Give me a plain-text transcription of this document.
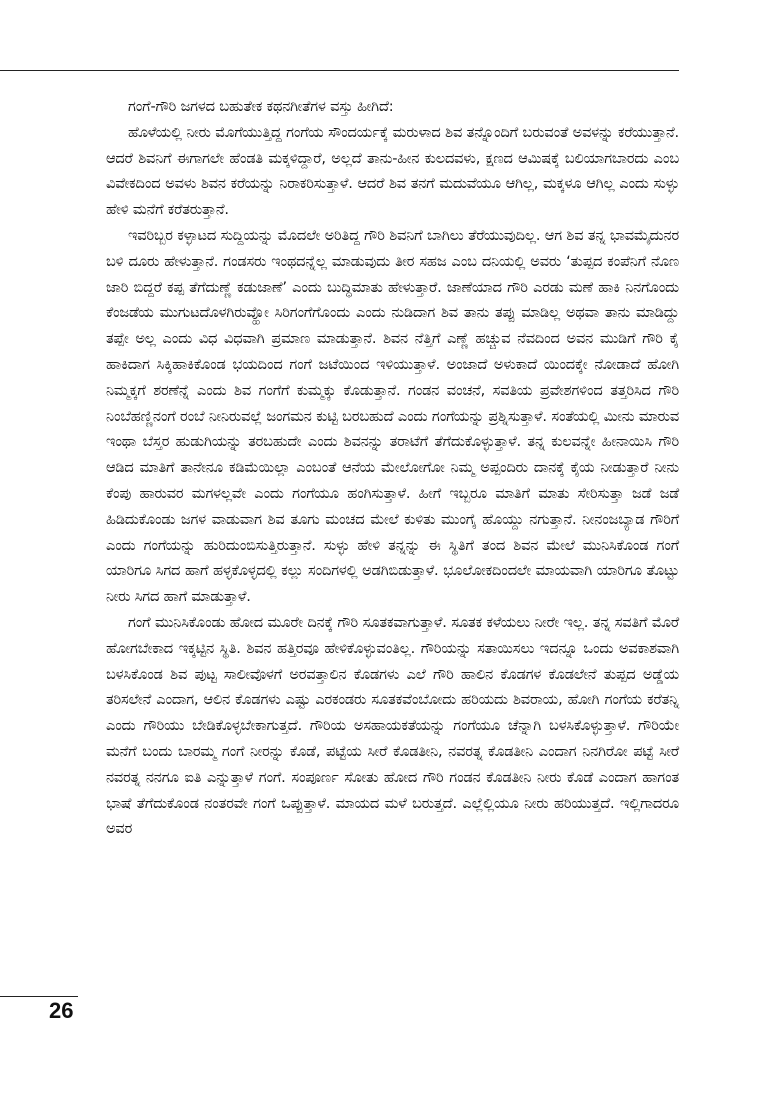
ಗಂಗೆ-ಗೌರಿ ಜಗಳದ ಬಹುತೇಕ ಕಥನಗೀತೆಗಳ ವಸ್ತು ಹೀಗಿದೆ:

ಹೊಳೆಯಲ್ಲಿ ನೀರು ಮೊಗೆಯುತ್ತಿದ್ದ ಗಂಗೆಯ ಸೌಂದರ್ಯಕ್ಕೆ ಮರುಳಾದ ಶಿವ ತನ್ನೊಂದಿಗೆ ಬರುವಂತೆ ಅವಳನ್ನು ಕರೆಯುತ್ತಾನೆ. ಆದರೆ ಶಿವನಿಗೆ ಈಗಾಗಲೇ ಹೆಂಡತಿ ಮಕ್ಕಳಿದ್ದಾರೆ, ಅಲ್ಲದೆ ತಾನು-ಹೀನ ಕುಲದವಳು, ಕ್ಷಣದ ಆಮಿಷಕ್ಕೆ ಬಲಿಯಾಗಬಾರದು ಎಂಬ ವಿವೇಕದಿಂದ ಅವಳು ಶಿವನ ಕರೆಯನ್ನು ನಿರಾಕರಿಸುತ್ತಾಳೆ. ಆದರೆ ಶಿವ ತನಗೆ ಮದುವೆಯೂ ಆಗಿಲ್ಲ, ಮಕ್ಕಳೂ ಆಗಿಲ್ಲ ಎಂದು ಸುಳ್ಳು ಹೇಳಿ ಮನೆಗೆ ಕರೆತರುತ್ತಾನೆ.

ಇವರಿಬ್ಬರ ಕಳ್ಳಾಟದ ಸುದ್ದಿಯನ್ನು ಮೊದಲೇ ಅರಿತಿದ್ದ ಗೌರಿ ಶಿವನಿಗೆ ಬಾಗಿಲು ತೆರೆಯುವುದಿಲ್ಲ. ಆಗ ಶಿವ ತನ್ನ ಭಾವಮೈದುನರ ಬಳಿ ದೂರು ಹೇಳುತ್ತಾನೆ. ಗಂಡಸರು ಇಂಥದನ್ನೆಲ್ಲ ಮಾಡುವುದು ತೀರ ಸಹಜ ಎಂಬ ದನಿಯಲ್ಲಿ ಅವರು ‘ತುಪ್ಪದ ಕಂಪೆನಿಗೆ ನೊಣ ಜಾರಿ ಬಿದ್ದರೆ ಕಪ್ಪ ತೆಗೆದುಣ್ಣೆ ಕಡುಜಾಣೆ’ ಎಂದು ಬುದ್ಧಿಮಾತು ಹೇಳುತ್ತಾರೆ. ಜಾಣೆಯಾದ ಗೌರಿ ಎರಡು ಮಣೆ ಹಾಕಿ ನಿನಗೊಂದು ಕೆಂಜಡೆಯ ಮುಗುಟದೊಳಗಿರುವ್ಹೋ ಸಿರಿಗಂಗೆಗೊಂದು ಎಂದು ನುಡಿದಾಗ ಶಿವ ತಾನು ತಪ್ಪು ಮಾಡಿಲ್ಲ ಅಥವಾ ತಾನು ಮಾಡಿದ್ದು ತಪ್ಪೇ ಅಲ್ಲ ಎಂದು ವಿಧ ವಿಧವಾಗಿ ಪ್ರಮಾಣ ಮಾಡುತ್ತಾನೆ. ಶಿವನ ನೆತ್ತಿಗೆ ಎಣ್ಣೆ ಹಚ್ಚುವ ನೆವದಿಂದ ಅವನ ಮುಡಿಗೆ ಗೌರಿ ಕೈ ಹಾಕಿದಾಗ ಸಿಕ್ಕಿಹಾಕಿಕೊಂಡ ಭಯದಿಂದ ಗಂಗೆ ಜಟೆಯಿಂದ ಇಳಿಯುತ್ತಾಳೆ. ಅಂಜಾದೆ ಅಳುಕಾದೆ ಯಿಂದಕ್ಕೇ ನೋಡಾದೆ ಹೋಗಿ ನಿಮ್ಮಕ್ಕಗೆ ಶರಣೆನ್ನೆ ಎಂದು ಶಿವ ಗಂಗೆಗೆ ಕುಮ್ಮಕ್ಕು ಕೊಡುತ್ತಾನೆ. ಗಂಡನ ವಂಚನೆ, ಸವತಿಯ ಪ್ರವೇಶಗಳಿಂದ ತತ್ತರಿಸಿದ ಗೌರಿ ನಿಂಬೆಹಣ್ಣಿನಂಗೆ ರಂಬೆ ನೀನಿರುವಲ್ಲೆ ಜಂಗಮನ ಕುಟ್ಟಿ ಬರಬಹುದೆ ಎಂದು ಗಂಗೆಯನ್ನು ಪ್ರಶ್ನಿಸುತ್ತಾಳೆ. ಸಂತೆಯಲ್ಲಿ ಮೀನು ಮಾರುವ ಇಂಥಾ ಬೆಸ್ತರ ಹುಡುಗಿಯನ್ನು ತರಬಹುದೇ ಎಂದು ಶಿವನನ್ನು ತರಾಟೆಗೆ ತೆಗೆದುಕೊಳ್ಳುತ್ತಾಳೆ. ತನ್ನ ಕುಲವನ್ನೇ ಹೀನಾಯಿಸಿ ಗೌರಿ ಆಡಿದ ಮಾತಿಗೆ ತಾನೇನೂ ಕಡಿಮೆಯಿಲ್ಲಾ ಎಂಬಂತೆ ಆನೆಯ ಮೇಲೋಗೋ ನಿಮ್ಮ ಅಪ್ಪಂದಿರು ದಾನಕ್ಕೆ ಕೈಯ ನೀಡುತ್ತಾರೆ ನೀನು ಕೆಂಪು ಹಾರುವರ ಮಗಳಲ್ಲವೇ ಎಂದು ಗಂಗೆಯೂ ಹಂಗಿಸುತ್ತಾಳೆ. ಹೀಗೆ ಇಬ್ಬರೂ ಮಾತಿಗೆ ಮಾತು ಸೇರಿಸುತ್ತಾ ಜಡೆ ಜಡೆ ಹಿಡಿದುಕೊಂಡು ಜಗಳ ವಾಡುವಾಗ ಶಿವ ತೂಗು ಮಂಚದ ಮೇಲೆ ಕುಳಿತು ಮುಂಗೈ ಹೊಯ್ದು ನಗುತ್ತಾನೆ. ನೀನಂಜಬ್ಯಾಡ ಗೌರಿಗೆ ಎಂದು ಗಂಗೆಯನ್ನು ಹುರಿದುಂಬಿಸುತ್ತಿರುತ್ತಾನೆ. ಸುಳ್ಳು ಹೇಳಿ ತನ್ನನ್ನು ಈ ಸ್ಥಿತಿಗೆ ತಂದ ಶಿವನ ಮೇಲೆ ಮುನಿಸಿಕೊಂಡ ಗಂಗೆ ಯಾರಿಗೂ ಸಿಗದ ಹಾಗೆ ಹಳ್ಳಕೊಳ್ಳದಲ್ಲಿ ಕಲ್ಲು ಸಂದಿಗಳಲ್ಲಿ ಅಡಗಿಬಿಡುತ್ತಾಳೆ. ಭೂಲೋಕದಿಂದಲೇ ಮಾಯವಾಗಿ ಯಾರಿಗೂ ತೊಟ್ಟು ನೀರು ಸಿಗದ ಹಾಗೆ ಮಾಡುತ್ತಾಳೆ.

ಗಂಗೆ ಮುನಿಸಿಕೊಂಡು ಹೋದ ಮೂರೇ ದಿನಕ್ಕೆ ಗೌರಿ ಸೂತಕವಾಗುತ್ತಾಳೆ. ಸೂತಕ ಕಳೆಯಲು ನೀರೇ ಇಲ್ಲ. ತನ್ನ ಸವತಿಗೆ ಮೊರೆ ಹೋಗಬೇಕಾದ ಇಕ್ಕಟ್ಟಿನ ಸ್ಥಿತಿ. ಶಿವನ ಹತ್ತಿರವೂ ಹೇಳಿಕೊಳ್ಳುವಂತಿಲ್ಲ. ಗೌರಿಯನ್ನು ಸತಾಯಿಸಲು ಇದನ್ನೂ ಒಂದು ಅವಕಾಶವಾಗಿ ಬಳಸಿಕೊಂಡ ಶಿವ ಪುಟ್ಟ ಸಾಲೀವೊಳಗೆ ಅರವತ್ತಾಲಿನ ಕೊಡಗಳು ಎಲೆ ಗೌರಿ ಹಾಲಿನ ಕೊಡಗಳ ಕೊಡಲೇನೆ ತುಪ್ಪದ ಅಡ್ಡೆಯ ತರಿಸಲೇನೆ ಎಂದಾಗ, ಆಲಿನ ಕೊಡಗಳು ಎಷ್ಟು ಎರಕಂಡರು ಸೂತಕವೆಂಬೋದು ಹರಿಯದು ಶಿವರಾಯ, ಹೋಗಿ ಗಂಗೆಯ ಕರೆತನ್ನಿ ಎಂದು ಗೌರಿಯು ಬೇಡಿಕೊಳ್ಳಬೇಕಾಗುತ್ತದೆ. ಗೌರಿಯ ಅಸಹಾಯಕತೆಯನ್ನು ಗಂಗೆಯೂ ಚೆನ್ನಾಗಿ ಬಳಸಿಕೊಳ್ಳುತ್ತಾಳೆ. ಗೌರಿಯೇ ಮನೆಗೆ ಬಂದು ಬಾರಮ್ಮ ಗಂಗೆ ನೀರನ್ನು ಕೊಡೆ, ಪಟ್ಟೆಯ ಸೀರೆ ಕೊಡತೀನಿ, ನವರತ್ನ ಕೊಡತೀನಿ ಎಂದಾಗ ನಿನಗಿರೋ ಪಟ್ಟೆ ಸೀರೆ ನವರತ್ನ ನನಗೂ ಐತಿ ಎನ್ನುತ್ತಾಳೆ ಗಂಗೆ. ಸಂಪೂರ್ಣ ಸೋತು ಹೋದ ಗೌರಿ ಗಂಡನ ಕೊಡತೀನಿ ನೀರು ಕೊಡೆ ಎಂದಾಗ ಹಾಗಂತ ಭಾಷೆ ತೆಗೆದುಕೊಂಡ ನಂತರವೇ ಗಂಗೆ ಒಪ್ಪುತ್ತಾಳೆ. ಮಾಯದ ಮಳೆ ಬರುತ್ತದೆ. ಎಲ್ಲೆಲ್ಲಿಯೂ ನೀರು ಹರಿಯುತ್ತದೆ. ಇಲ್ಲಿಗಾದರೂ ಅವರ

26
